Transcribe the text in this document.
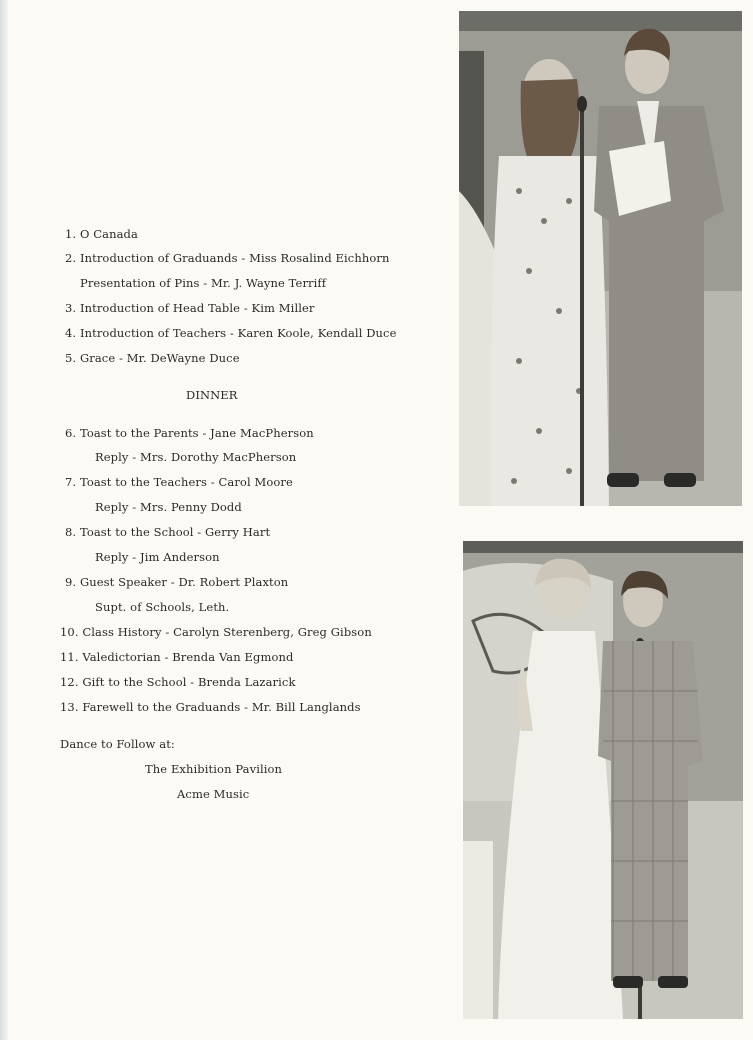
1. O Canada
2. Introduction of Graduands - Miss Rosalind Eichhorn
Presentation of Pins - Mr. J. Wayne Terriff
3. Introduction of Head Table - Kim Miller
4. Introduction of Teachers - Karen Koole, Kendall Duce
5. Grace - Mr. DeWayne Duce
DINNER
6. Toast to the Parents - Jane MacPherson
Reply - Mrs. Dorothy MacPherson
7. Toast to the Teachers - Carol Moore
Reply - Mrs. Penny Dodd
8. Toast to the School - Gerry Hart
Reply - Jim Anderson
9. Guest Speaker - Dr. Robert Plaxton
Supt. of Schools, Leth.
10. Class History - Carolyn Sterenberg, Greg Gibson
11. Valedictorian - Brenda Van Egmond
12. Gift to the School - Brenda Lazarick
13. Farewell to the Graduands - Mr. Bill Langlands
Dance to Follow at:
The Exhibition Pavilion
Acme Music
